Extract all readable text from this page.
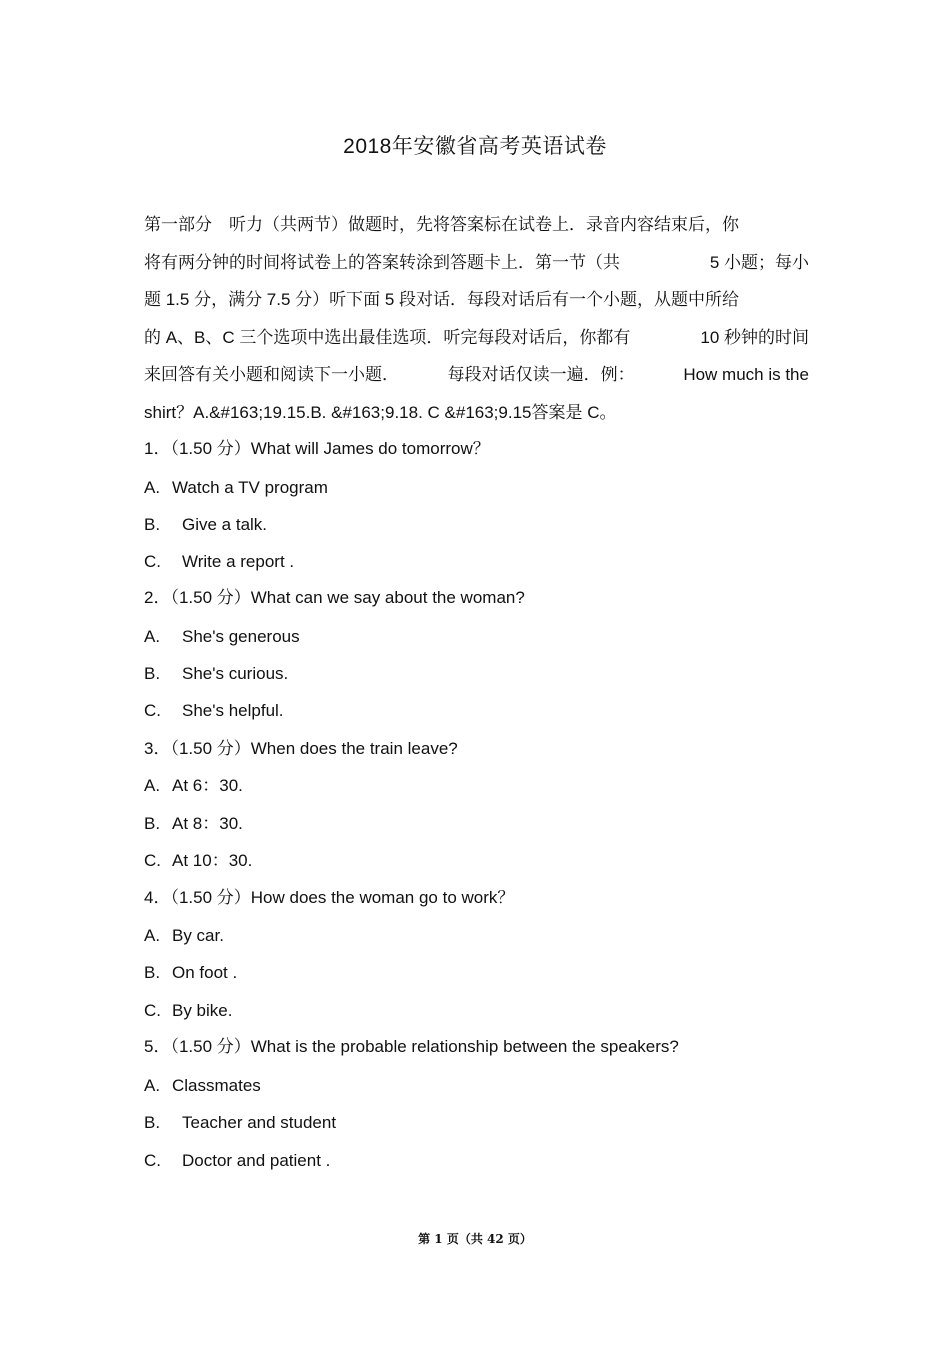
2018年安徽省高考英语试卷
第一部分　听力（共两节）做题时，先将答案标在试卷上．录音内容结束后，你
将有两分钟的时间将试卷上的答案转涂到答题卡上．第一节（共	5 小题；每小
题 1.5 分，满分 7.5 分）听下面 5 段对话．每段对话后有一个小题，从题中所给
的 A、B、C 三个选项中选出最佳选项．听完每段对话后，你都有	10 秒钟的时间
来回答有关小题和阅读下一小题．	每段对话仅读一遍．例：	How much is the
shirt？A.&#163;19.15.B. &#163;9.18. C &#163;9.15答案是 C。
1．（1.50 分）What will James do tomorrow？
A. Watch a TV program
B. Give a talk.
C. Write a report .
2．（1.50 分）What can we say about the woman?
A. She's generous
B. She's curious.
C. She's helpful.
3．（1.50 分）When does the train leave?
A. At 6：30.
B. At 8：30.
C. At 10：30.
4．（1.50 分）How does the woman go to work？
A. By car.
B. On foot .
C. By bike.
5．（1.50 分）What is the probable relationship between the speakers?
A. Classmates
B. Teacher and student
C. Doctor and patient .
第 1 页（共 42 页）
